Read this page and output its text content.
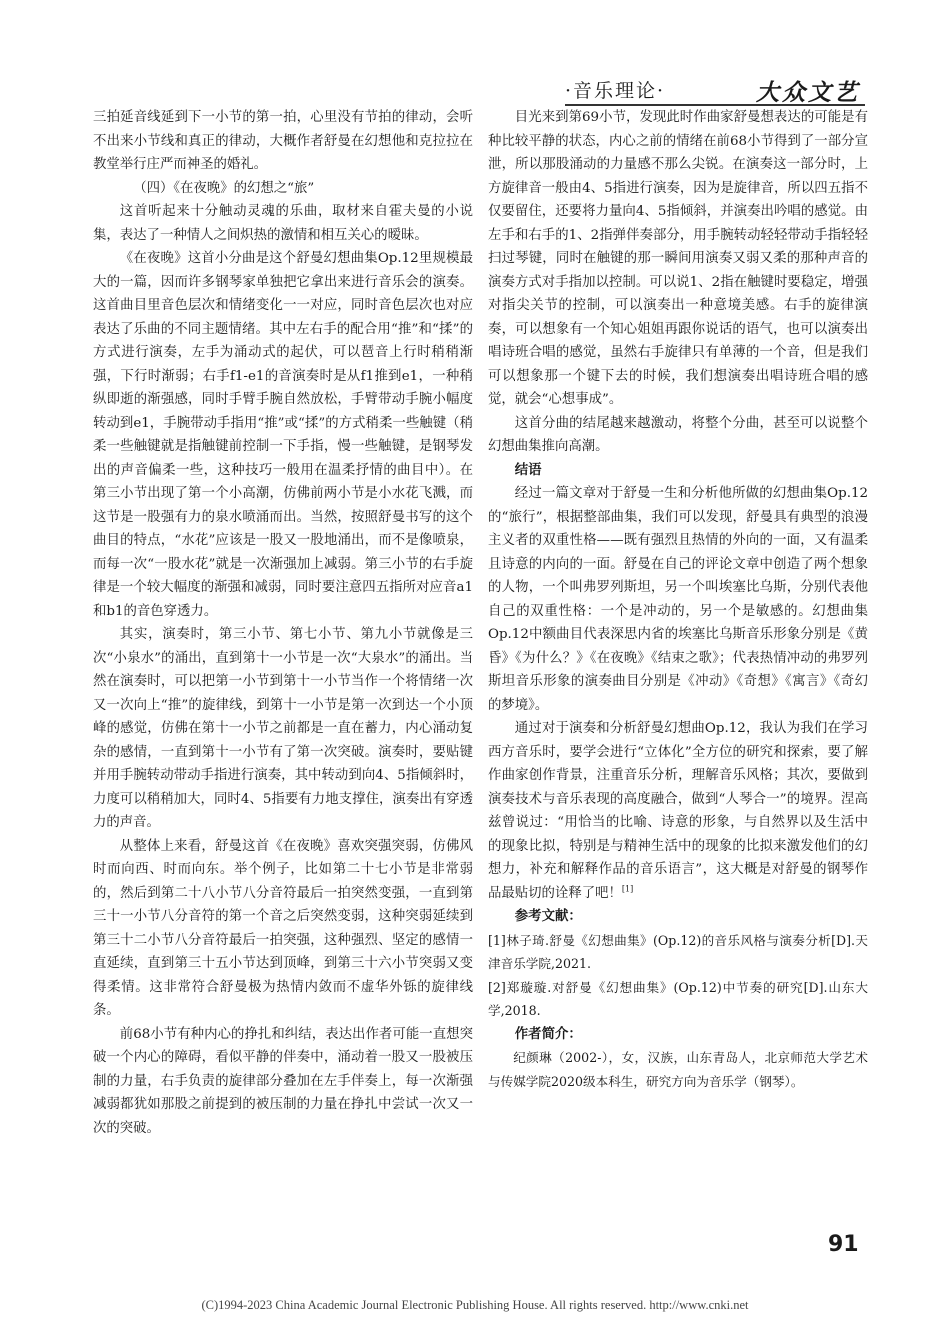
·音乐理论·	大众文艺

三拍延音线延到下一小节的第一拍，心里没有节拍的律动，会听不出来小节线和真正的律动，大概作者舒曼在幻想他和克拉拉在教堂举行庄严而神圣的婚礼。

（四）《在夜晚》的幻想之“旅”

这首听起来十分触动灵魂的乐曲，取材来自霍夫曼的小说集，表达了一种情人之间炽热的激情和相互关心的暧昧。

《在夜晚》这首小分曲是这个舒曼幻想曲集Op.12里规模最大的一篇，因而许多钢琴家单独把它拿出来进行音乐会的演奏。这首曲目里音色层次和情绪变化一一对应，同时音色层次也对应表达了乐曲的不同主题情绪。其中左右手的配合用“推”和“揉”的方式进行演奏，左手为涌动式的起伏，可以琶音上行时稍稍渐强，下行时渐弱；右手f1-e1的音演奏时是从f1推到e1，一种稍纵即逝的渐强感，同时手臂手腕自然放松，手臂带动手腕小幅度转动到e1，手腕带动手指用“推”或“揉”的方式稍柔一些触键（稍柔一些触键就是指触键前控制一下手指，慢一些触键，是钢琴发出的声音偏柔一些，这种技巧一般用在温柔抒情的曲目中）。在第三小节出现了第一个小高潮，仿佛前两小节是小水花飞溅，而这节是一股强有力的泉水喷涌而出。当然，按照舒曼书写的这个曲目的特点，“水花”应该是一股又一股地涌出，而不是像喷泉，而每一次“一股水花”就是一次渐强加上减弱。第三小节的右手旋律是一个较大幅度的渐强和减弱，同时要注意四五指所对应音a1和b1的音色穿透力。

其实，演奏时，第三小节、第七小节、第九小节就像是三次“小泉水”的涌出，直到第十一小节是一次“大泉水”的涌出。当然在演奏时，可以把第一小节到第十一小节当作一个将情绪一次又一次向上“推”的旋律线，到第十一小节是第一次到达一个小顶峰的感觉，仿佛在第十一小节之前都是一直在蓄力，内心涌动复杂的感情，一直到第十一小节有了第一次突破。演奏时，要贴键并用手腕转动带动手指进行演奏，其中转动到向4、5指倾斜时，力度可以稍稍加大，同时4、5指要有力地支撑住，演奏出有穿透力的声音。

从整体上来看，舒曼这首《在夜晚》喜欢突强突弱，仿佛风时而向西、时而向东。举个例子，比如第二十七小节是非常弱的，然后到第二十八小节八分音符最后一拍突然变强，一直到第三十一小节八分音符的第一个音之后突然变弱，这种突弱延续到第三十二小节八分音符最后一拍突强，这种强烈、坚定的感情一直延续，直到第三十五小节达到顶峰，到第三十六小节突弱又变得柔情。这非常符合舒曼极为热情内敛而不虚华外铄的旋律线条。

前68小节有种内心的挣扎和纠结，表达出作者可能一直想突破一个内心的障碍，看似平静的伴奏中，涌动着一股又一股被压制的力量，右手负责的旋律部分叠加在左手伴奏上，每一次渐强减弱都犹如那股之前提到的被压制的力量在挣扎中尝试一次又一次的突破。

目光来到第69小节，发现此时作曲家舒曼想表达的可能是有种比较平静的状态，内心之前的情绪在前68小节得到了一部分宣泄，所以那股涌动的力量感不那么尖锐。在演奏这一部分时，上方旋律音一般由4、5指进行演奏，因为是旋律音，所以四五指不仅要留住，还要将力量向4、5指倾斜，并演奏出吟唱的感觉。由左手和右手的1、2指弹伴奏部分，用手腕转动轻轻带动手指轻轻扫过琴键，同时在触键的那一瞬间用演奏又弱又柔的那种声音的演奏方式对手指加以控制。可以说1、2指在触键时要稳定，增强对指尖关节的控制，可以演奏出一种意境美感。右手的旋律演奏，可以想象有一个知心姐姐再跟你说话的语气，也可以演奏出唱诗班合唱的感觉，虽然右手旋律只有单薄的一个音，但是我们可以想象那一个键下去的时候，我们想演奏出唱诗班合唱的感觉，就会“心想事成”。

这首分曲的结尾越来越激动，将整个分曲，甚至可以说整个幻想曲集推向高潮。

结语

经过一篇文章对于舒曼一生和分析他所做的幻想曲集Op.12的“旅行”，根据整部曲集，我们可以发现，舒曼具有典型的浪漫主义者的双重性格——既有强烈且热情的外向的一面，又有温柔且诗意的内向的一面。舒曼在自己的评论文章中创造了两个想象的人物，一个叫弗罗列斯坦，另一个叫埃塞比乌斯，分别代表他自己的双重性格：一个是冲动的，另一个是敏感的。幻想曲集Op.12中额曲目代表深思内省的埃塞比乌斯音乐形象分别是《黄昏》《为什么？》《在夜晚》《结束之歌》；代表热情冲动的弗罗列斯坦音乐形象的演奏曲目分别是《冲动》《奇想》《寓言》《奇幻的梦境》。

通过对于演奏和分析舒曼幻想曲Op.12，我认为我们在学习西方音乐时，要学会进行“立体化”全方位的研究和探索，要了解作曲家创作背景，注重音乐分析，理解音乐风格；其次，要做到演奏技术与音乐表现的高度融合，做到“人琴合一”的境界。涅高兹曾说过：“用恰当的比喻、诗意的形象，与自然界以及生活中的现象比拟，特别是与精神生活中的现象的比拟来激发他们的幻想力，补充和解释作品的音乐语言”，这大概是对舒曼的钢琴作品最贴切的诠释了吧！[1]

参考文献：

[1]林子琦.舒曼《幻想曲集》(Op.12)的音乐风格与演奏分析[D].天津音乐学院,2021.

[2]郑璇璇.对舒曼《幻想曲集》(Op.12)中节奏的研究[D].山东大学,2018.

作者简介：

纪颜琳（2002-），女，汉族，山东青岛人，北京师范大学艺术与传媒学院2020级本科生，研究方向为音乐学（钢琴）。

91
(C)1994-2023 China Academic Journal Electronic Publishing House. All rights reserved. http://www.cnki.net
